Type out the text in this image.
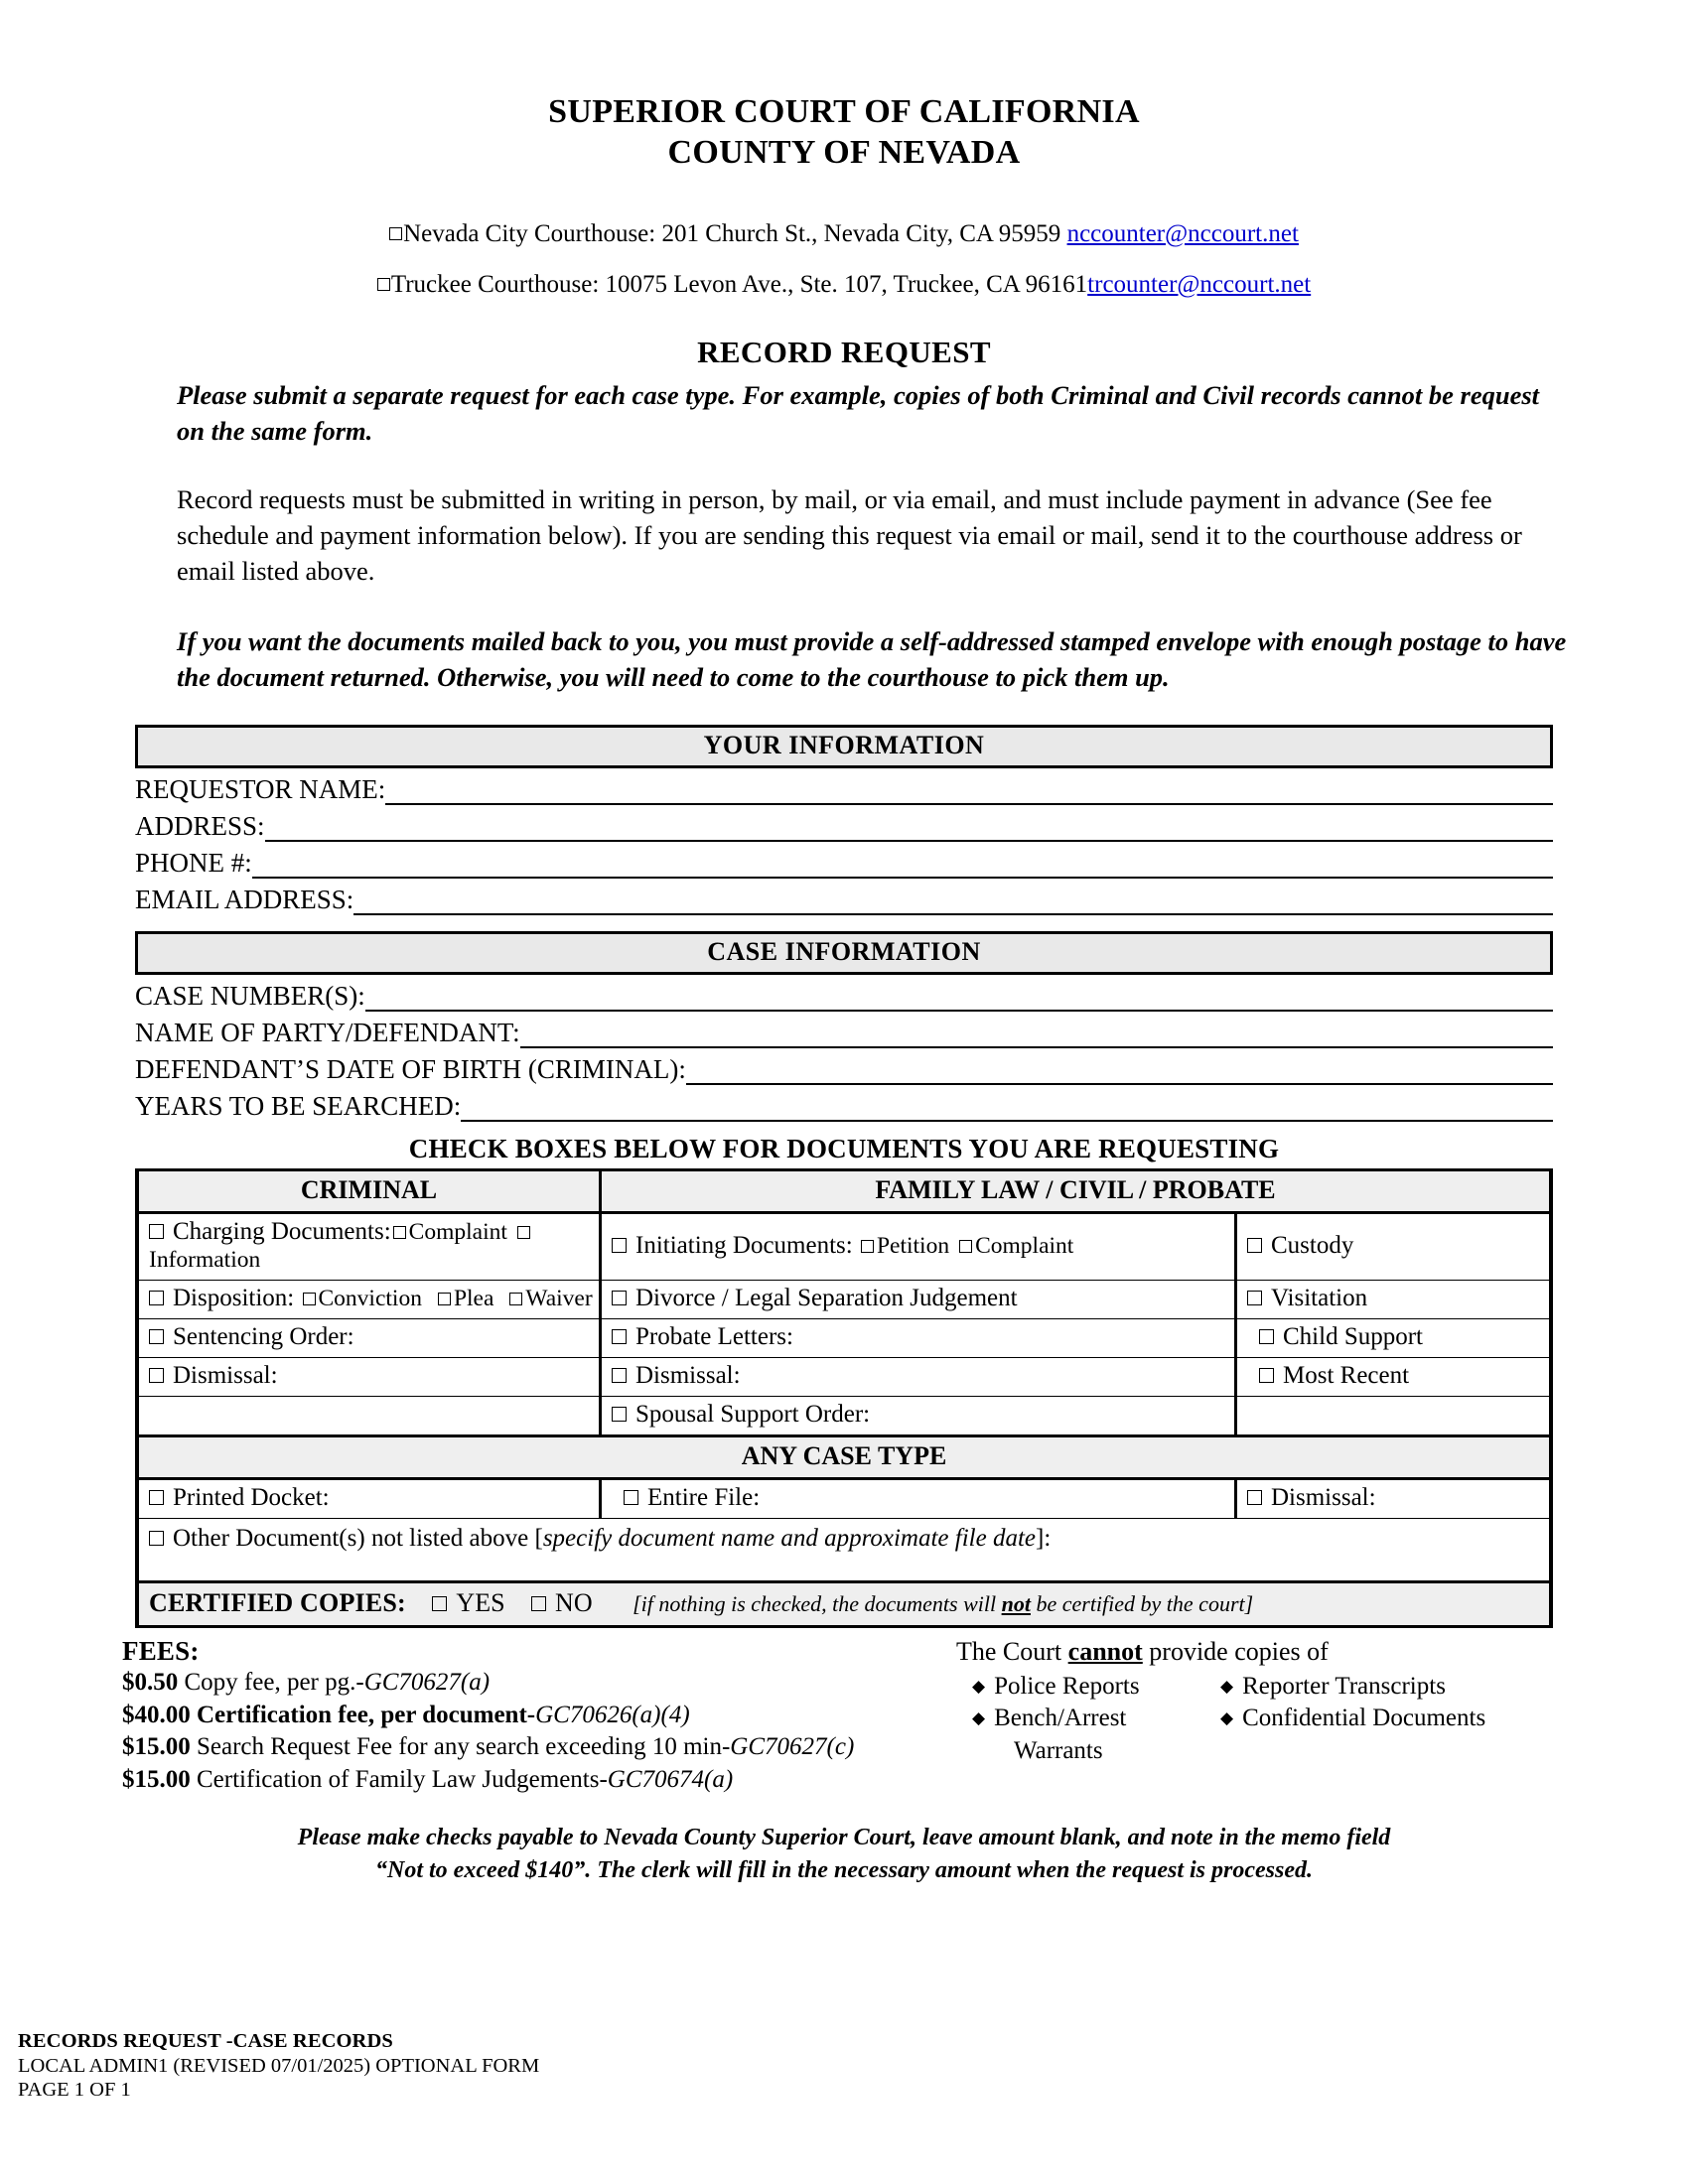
SUPERIOR COURT OF CALIFORNIA
COUNTY OF NEVADA
Nevada City Courthouse: 201 Church St., Nevada City, CA 95959 nccounter@nccourt.net
Truckee Courthouse: 10075 Levon Ave., Ste. 107, Truckee, CA 96161trcounter@nccourt.net
RECORD REQUEST
Please submit a separate request for each case type. For example, copies of both Criminal and Civil records cannot be request on the same form.
Record requests must be submitted in writing in person, by mail, or via email, and must include payment in advance (See fee schedule and payment information below). If you are sending this request via email or mail, send it to the courthouse address or email listed above.
If you want the documents mailed back to you, you must provide a self-addressed stamped envelope with enough postage to have the document returned. Otherwise, you will need to come to the courthouse to pick them up.
YOUR INFORMATION
REQUESTOR NAME:
ADDRESS:
PHONE #:
EMAIL ADDRESS:
CASE INFORMATION
CASE NUMBER(S):
NAME OF PARTY/DEFENDANT:
DEFENDANT’S DATE OF BIRTH (CRIMINAL):
YEARS TO BE SEARCHED:
CHECK BOXES BELOW FOR DOCUMENTS YOU ARE REQUESTING
CRIMINAL	FAMILY LAW / CIVIL / PROBATE	
Charging Documents: ComplaintInformation	Initiating Documents: Petition Complaint	Custody
Disposition: Conviction Plea Waiver	Divorce / Legal Separation Judgement	Visitation
Sentencing Order:	Probate Letters:	Child Support
Dismissal:	Dismissal:	Most Recent
	Spousal Support Order:	
ANY CASE TYPE		
Printed Docket:	Entire File:	Dismissal:
Other Document(s) not listed above [specify document name and approximate file date]:		
CERTIFIED COPIES: YES NO [if nothing is checked, the documents will not be certified by the court]		
FEES:
$0.50 Copy fee, per pg.-GC70627(a)
$40.00 Certification fee, per document-GC70626(a)(4)
$15.00 Search Request Fee for any search exceeding 10 min-GC70627(c)
$15.00 Certification of Family Law Judgements-GC70674(a)
The Court cannot provide copies of
◆ Police Reports
◆ Bench/Arrest
Warrants
◆ Reporter Transcripts
◆ Confidential Documents
Please make checks payable to Nevada County Superior Court, leave amount blank, and note in the memo field
“Not to exceed $140”. The clerk will fill in the necessary amount when the request is processed.
RECORDS REQUEST -CASE RECORDS
LOCAL ADMIN1 (REVISED 07/01/2025) OPTIONAL FORM
PAGE 1 OF 1
